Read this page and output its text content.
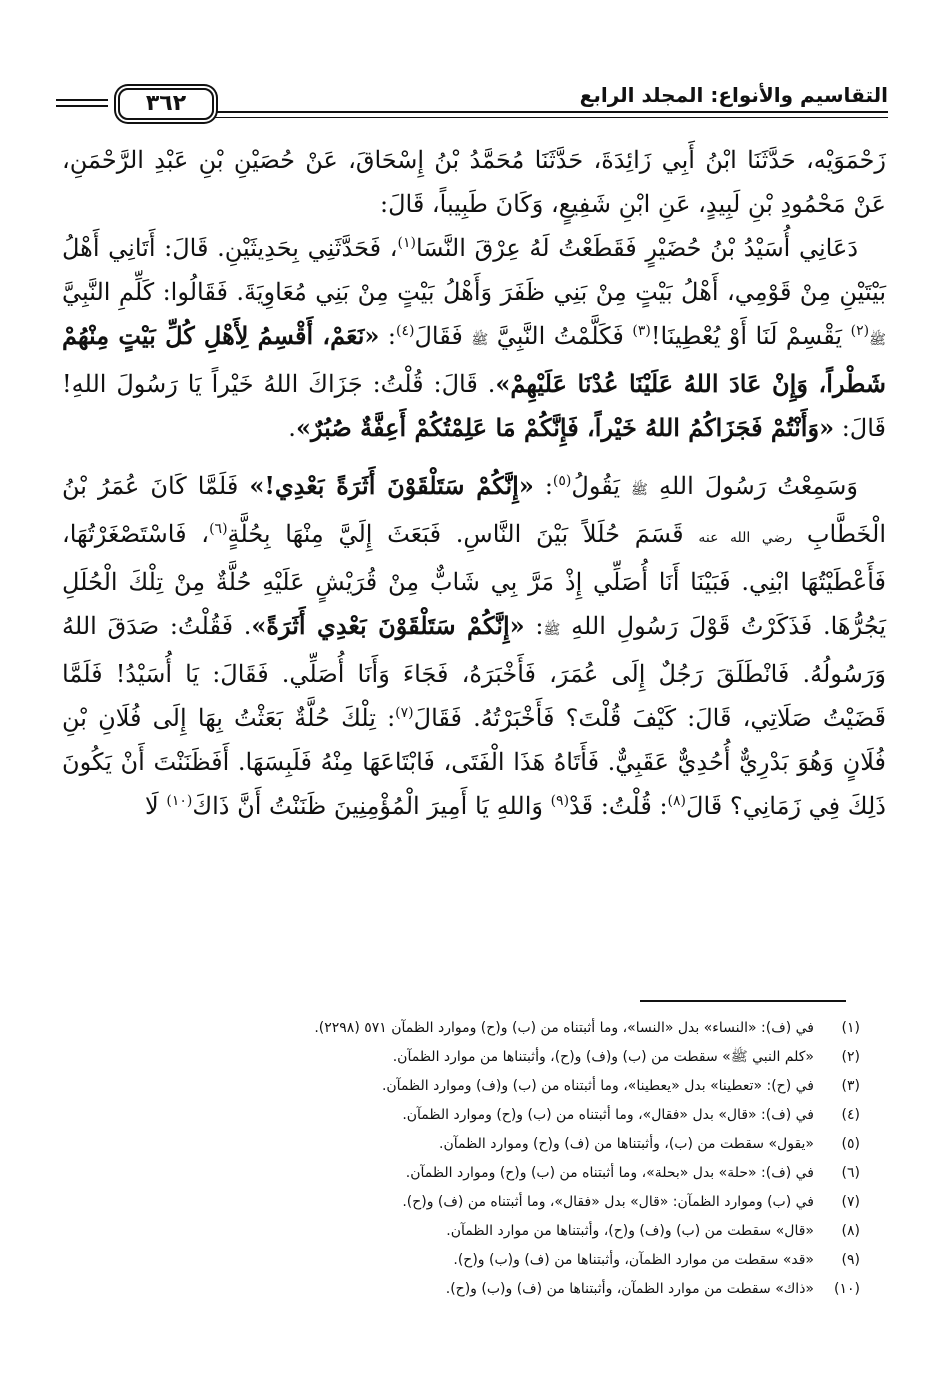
التقاسيم والأنواع: المجلد الرابع
٣٦٢

زَحْمَوَيْه، حَدَّثَنَا ابْنُ أَبِي زَائِدَةَ، حَدَّثَنَا مُحَمَّدُ بْنُ إِسْحَاقَ، عَنْ حُصَيْنِ بْنِ عَبْدِ الرَّحْمَنِ، عَنْ مَحْمُودِ بْنِ لَبِيدٍ، عَنِ ابْنِ شَفِيعٍ، وَكَانَ طَبِيباً، قَالَ:

دَعَانِي أُسَيْدُ بْنُ حُضَيْرٍ فَقَطَعْتُ لَهُ عِرْقَ النَّسَا$^{(١)}$، فَحَدَّثَنِي بِحَدِيثَيْنِ. قَالَ: أَتَانِي أَهْلُ بَيْتَيْنِ مِنْ قَوْمِي، أَهْلُ بَيْتٍ مِنْ بَنِي ظَفَرَ وَأَهْلُ بَيْتٍ مِنْ بَنِي مُعَاوِيَةَ. فَقَالُوا: كَلِّمِ النَّبِيَّ ﷺ$^{(٢)}$ يَقْسِمْ لَنَا أَوْ يُعْطِينَا!$^{(٣)}$ فَكَلَّمْتُ النَّبِيَّ ﷺ فَقَالَ$^{(٤)}$: «نَعَمْ، أَقْسِمُ لِأَهْلِ كُلِّ بَيْتٍ مِنْهُمْ شَطْراً، وَإِنْ عَادَ اللهُ عَلَيْنَا عُدْنَا عَلَيْهِمْ». قَالَ: قُلْتُ: جَزَاكَ اللهُ خَيْراً يَا رَسُولَ اللهِ! قَالَ: «وَأَنْتُمْ فَجَزَاكُمُ اللهُ خَيْراً، فَإِنَّكُمْ مَا عَلِمْتُكُمْ أَعِفَّةٌ صُبُرٌ».

وَسَمِعْتُ رَسُولَ اللهِ ﷺ يَقُولُ$^{(٥)}$: «إِنَّكُمْ سَتَلْقَوْنَ أَثَرَةً بَعْدِي!» فَلَمَّا كَانَ عُمَرُ بْنُ الْخَطَّابِ رضي الله عنه قَسَمَ حُلَلاً بَيْنَ النَّاسِ. فَبَعَثَ إِلَيَّ مِنْهَا بِحُلَّةٍ$^{(٦)}$، فَاسْتَصْغَرْتُهَا، فَأَعْطَيْتُهَا ابْنِي. فَبَيْنَا أَنَا أُصَلِّي إِذْ مَرَّ بِي شَابٌّ مِنْ قُرَيْشٍ عَلَيْهِ حُلَّةٌ مِنْ تِلْكَ الْحُلَلِ يَجُرُّهَا. فَذَكَرْتُ قَوْلَ رَسُولِ اللهِ ﷺ: «إِنَّكُمْ سَتَلْقَوْنَ بَعْدِي أَثَرَةً». فَقُلْتُ: صَدَقَ اللهُ وَرَسُولُهُ. فَانْطَلَقَ رَجُلٌ إِلَى عُمَرَ، فَأَخْبَرَهُ، فَجَاءَ وَأَنَا أُصَلِّي. فَقَالَ: يَا أُسَيْدُ! فَلَمَّا قَضَيْتُ صَلَاتِي، قَالَ: كَيْفَ قُلْتَ؟ فَأَخْبَرْتُهُ. فَقَالَ$^{(٧)}$: تِلْكَ حُلَّةٌ بَعَثْتُ بِهَا إِلَى فُلَانِ بْنِ فُلَانٍ وَهُوَ بَدْرِيٌّ أُحُدِيٌّ عَقَبِيٌّ. فَأَتَاهُ هَذَا الْفَتَى، فَابْتَاعَهَا مِنْهُ فَلَبِسَهَا. أَفَظَنَنْتَ أَنْ يَكُونَ ذَلِكَ فِي زَمَانِي؟ قَالَ$^{(٨)}$: قُلْتُ: قَدْ$^{(٩)}$ وَاللهِ يَا أَمِيرَ الْمُؤْمِنِينَ ظَنَنْتُ أَنَّ ذَاكَ$^{(١٠)}$ لَا

(١)
في (ف): «النساء» بدل «النسا»، وما أثبتناه من (ب) و(ح) وموارد الظمآن ٥٧١ (٢٢٩٨).
(٢)
«كلم النبي ﷺ» سقطت من (ب) و(ف) و(ح)، وأثبتناها من موارد الظمآن.
(٣)
في (ح): «تعطينا» بدل «يعطينا»، وما أثبتناه من (ب) و(ف) وموارد الظمآن.
(٤)
في (ف): «قال» بدل «فقال»، وما أثبتناه من (ب) و(ح) وموارد الظمآن.
(٥)
«يقول» سقطت من (ب)، وأثبتناها من (ف) و(ح) وموارد الظمآن.
(٦)
في (ف): «حلة» بدل «بحلة»، وما أثبتناه من (ب) و(ح) وموارد الظمآن.
(٧)
في (ب) وموارد الظمآن: «قال» بدل «فقال»، وما أثبتناه من (ف) و(ح).
(٨)
«قال» سقطت من (ب) و(ف) و(ح)، وأثبتناها من موارد الظمآن.
(٩)
«قد» سقطت من موارد الظمآن، وأثبتناها من (ف) و(ب) و(ح).
(١٠)
«ذاك» سقطت من موارد الظمآن، وأثبتناها من (ف) و(ب) و(ح).
